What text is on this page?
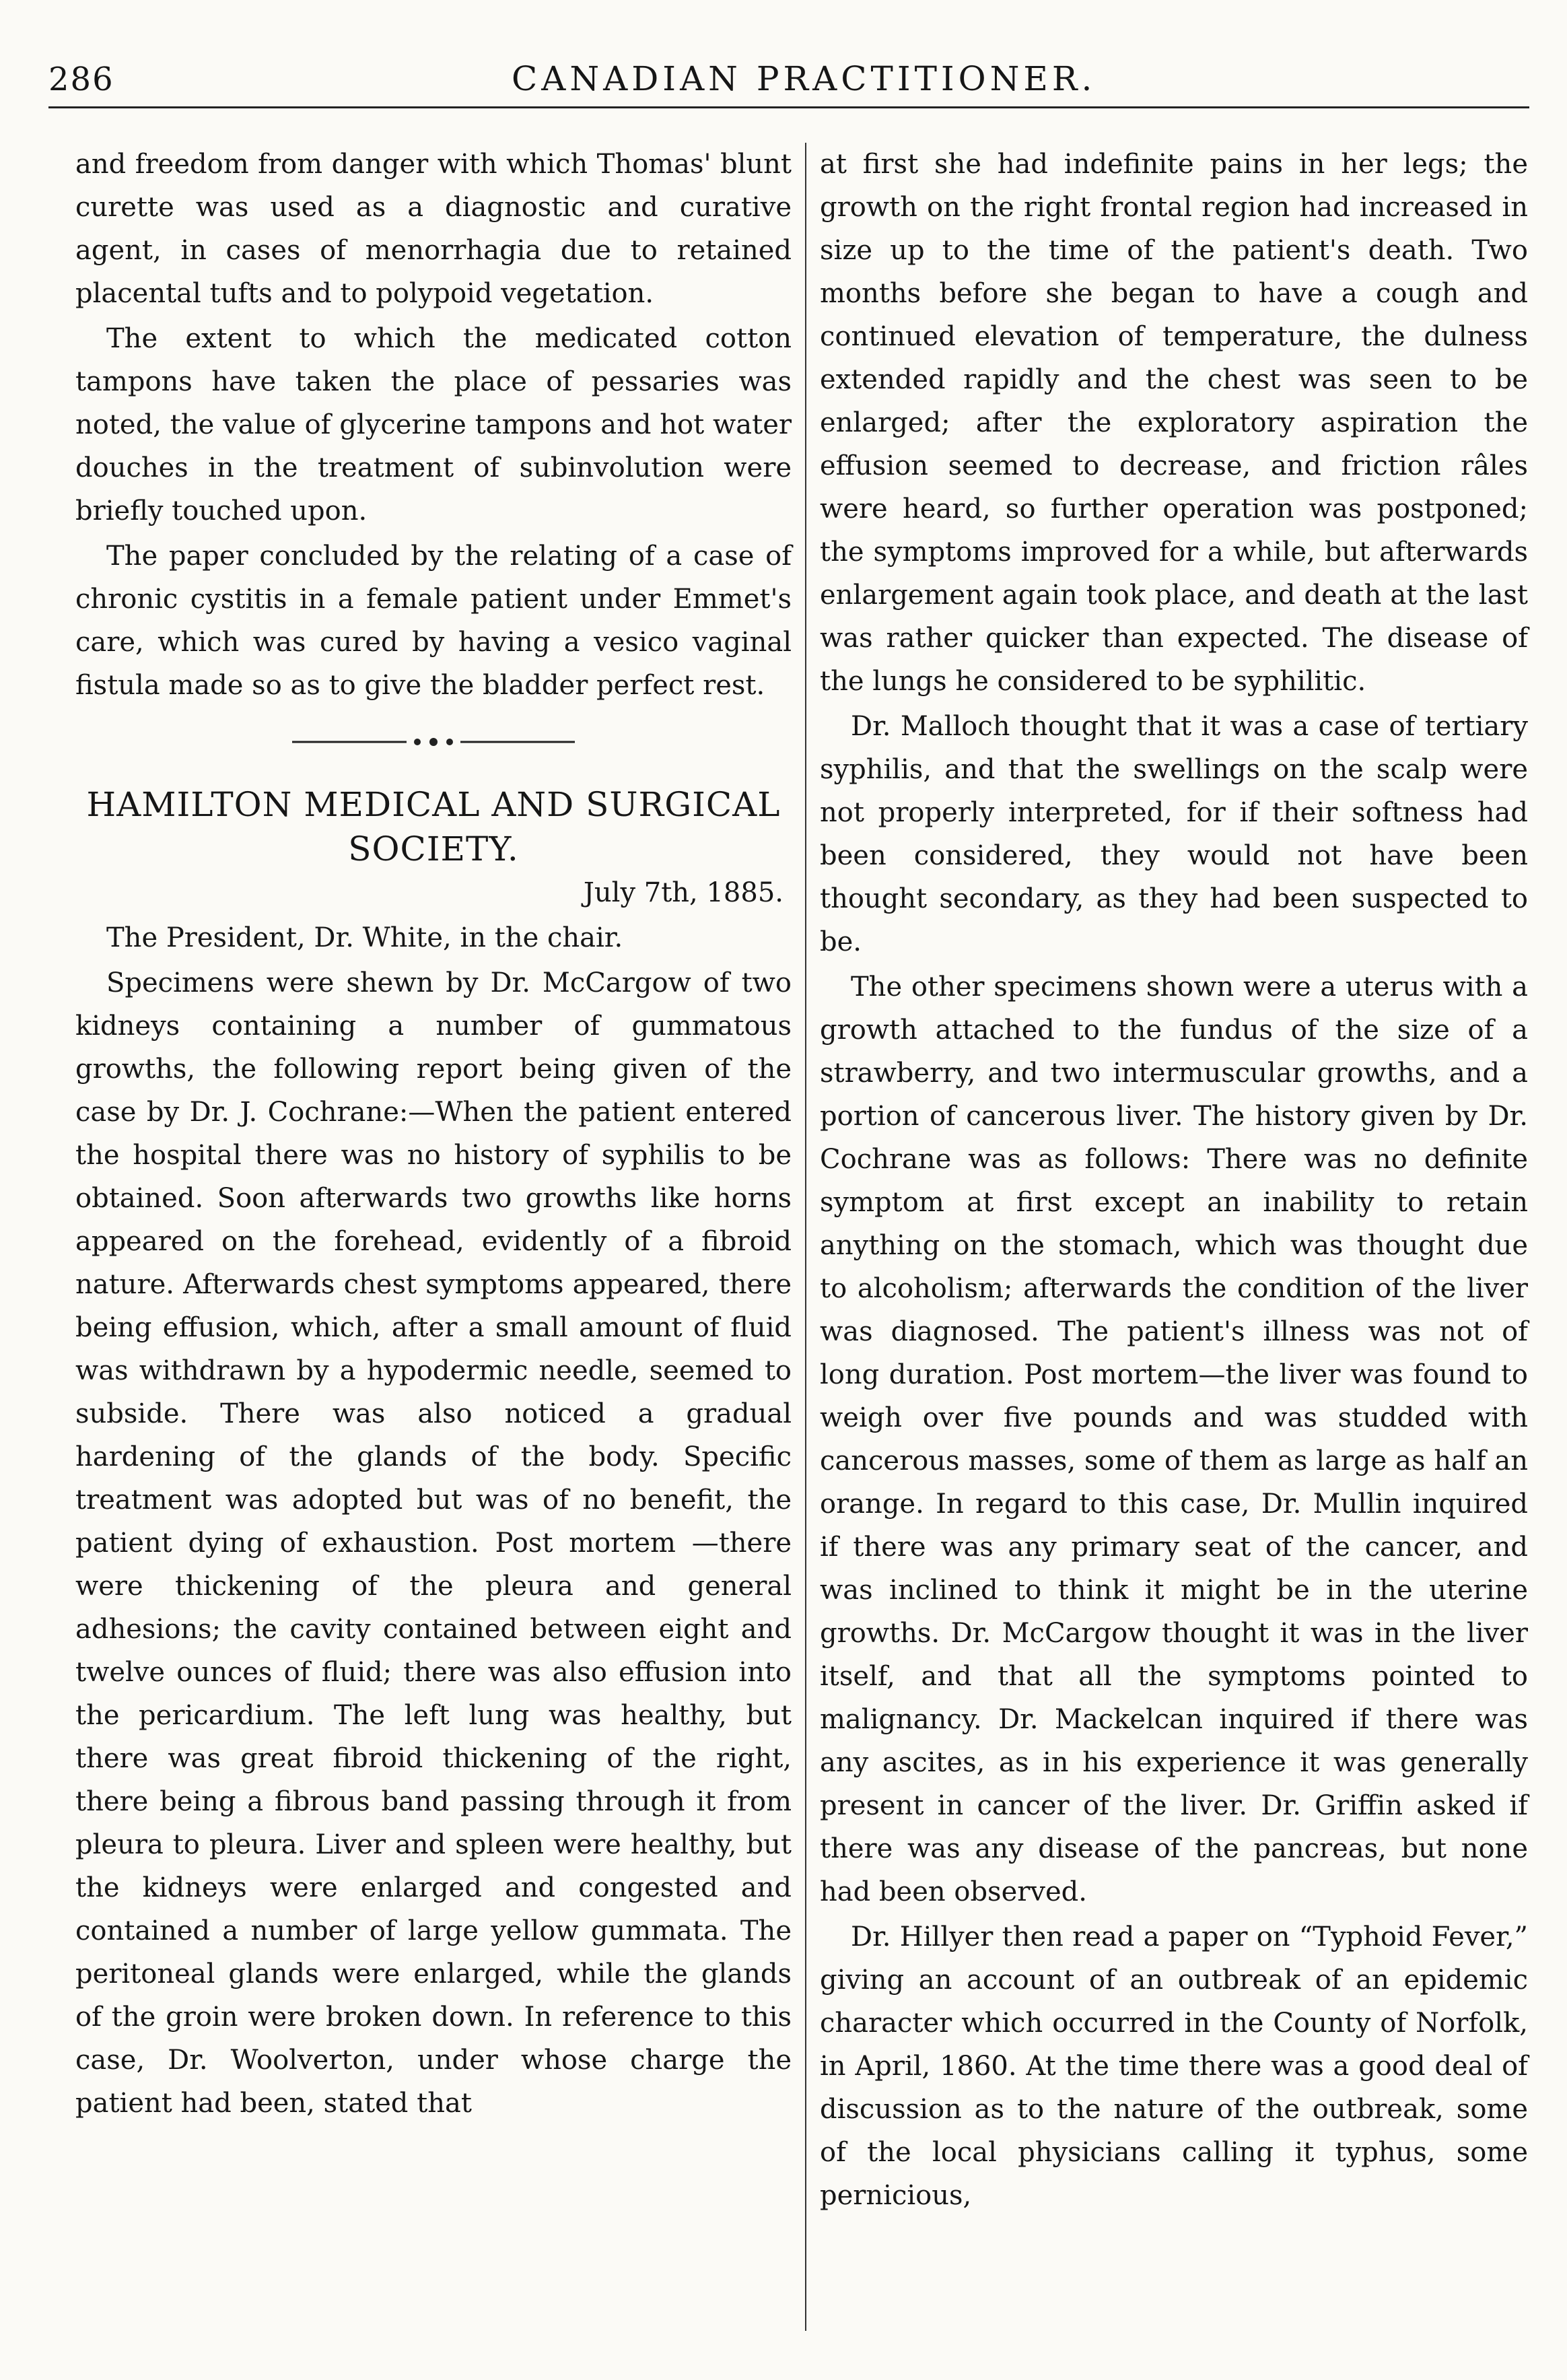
286	CANADIAN PRACTITIONER.

and freedom from danger with which Thomas' blunt curette was used as a diagnostic and curative agent, in cases of menorrhagia due to retained placental tufts and to polypoid vegetation.

The extent to which the medicated cotton tampons have taken the place of pessaries was noted, the value of glycerine tampons and hot water douches in the treatment of subinvolution were briefly touched upon.

The paper concluded by the relating of a case of chronic cystitis in a female patient under Emmet's care, which was cured by having a vesico vaginal fistula made so as to give the bladder perfect rest.

HAMILTON MEDICAL AND SURGICAL SOCIETY.

July 7th, 1885.

The President, Dr. White, in the chair.

Specimens were shewn by Dr. McCargow of two kidneys containing a number of gummatous growths, the following report being given of the case by Dr. J. Cochrane:—When the patient entered the hospital there was no history of syphilis to be obtained. Soon afterwards two growths like horns appeared on the forehead, evidently of a fibroid nature. Afterwards chest symptoms appeared, there being effusion, which, after a small amount of fluid was withdrawn by a hypodermic needle, seemed to subside. There was also noticed a gradual hardening of the glands of the body. Specific treatment was adopted but was of no benefit, the patient dying of exhaustion. Post mortem —there were thickening of the pleura and general adhesions; the cavity contained between eight and twelve ounces of fluid; there was also effusion into the pericardium. The left lung was healthy, but there was great fibroid thickening of the right, there being a fibrous band passing through it from pleura to pleura. Liver and spleen were healthy, but the kidneys were enlarged and congested and contained a number of large yellow gummata. The peritoneal glands were enlarged, while the glands of the groin were broken down. In reference to this case, Dr. Woolverton, under whose charge the patient had been, stated that

at first she had indefinite pains in her legs; the growth on the right frontal region had increased in size up to the time of the patient's death. Two months before she began to have a cough and continued elevation of temperature, the dulness extended rapidly and the chest was seen to be enlarged; after the exploratory aspiration the effusion seemed to decrease, and friction râles were heard, so further operation was postponed; the symptoms improved for a while, but afterwards enlargement again took place, and death at the last was rather quicker than expected. The disease of the lungs he considered to be syphilitic.

Dr. Malloch thought that it was a case of tertiary syphilis, and that the swellings on the scalp were not properly interpreted, for if their softness had been considered, they would not have been thought secondary, as they had been suspected to be.

The other specimens shown were a uterus with a growth attached to the fundus of the size of a strawberry, and two intermuscular growths, and a portion of cancerous liver. The history given by Dr. Cochrane was as follows: There was no definite symptom at first except an inability to retain anything on the stomach, which was thought due to alcoholism; afterwards the condition of the liver was diagnosed. The patient's illness was not of long duration. Post mortem—the liver was found to weigh over five pounds and was studded with cancerous masses, some of them as large as half an orange. In regard to this case, Dr. Mullin inquired if there was any primary seat of the cancer, and was inclined to think it might be in the uterine growths. Dr. McCargow thought it was in the liver itself, and that all the symptoms pointed to malignancy. Dr. Mackelcan inquired if there was any ascites, as in his experience it was generally present in cancer of the liver. Dr. Griffin asked if there was any disease of the pancreas, but none had been observed.

Dr. Hillyer then read a paper on “Typhoid Fever,” giving an account of an outbreak of an epidemic character which occurred in the County of Norfolk, in April, 1860. At the time there was a good deal of discussion as to the nature of the outbreak, some of the local physicians calling it typhus, some pernicious,
